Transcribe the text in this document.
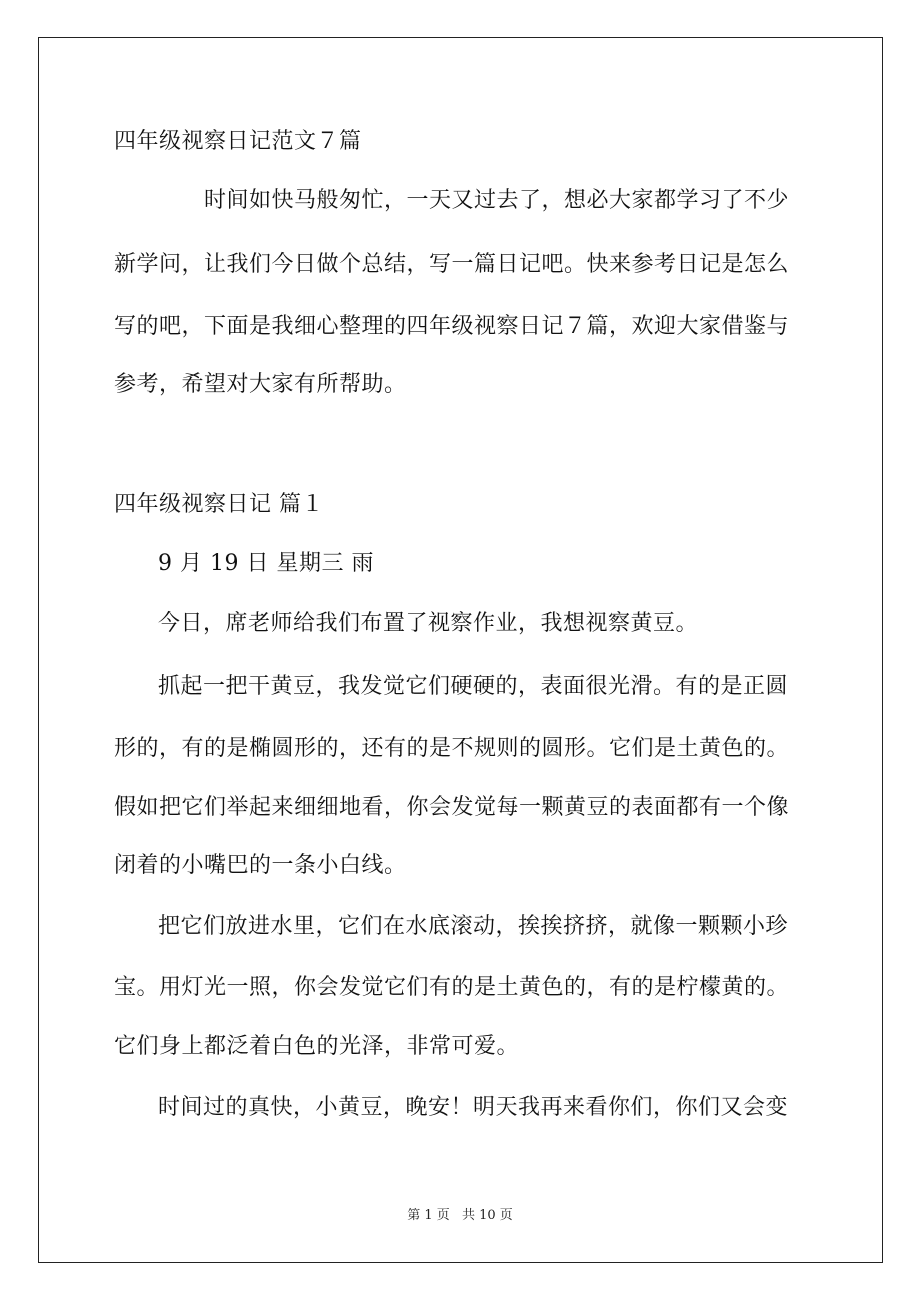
四年级视察日记范文７篇
时间如快马般匆忙，一天又过去了，想必大家都学习了不少
新学问，让我们今日做个总结，写一篇日记吧。快来参考日记是怎么
写的吧，下面是我细心整理的四年级视察日记７篇，欢迎大家借鉴与
参考，希望对大家有所帮助。
四年级视察日记 篇１
9 月 19 日 星期三 雨
今日，席老师给我们布置了视察作业，我想视察黄豆。
抓起一把干黄豆，我发觉它们硬硬的，表面很光滑。有的是正圆
形的，有的是椭圆形的，还有的是不规则的圆形。它们是土黄色的。
假如把它们举起来细细地看，你会发觉每一颗黄豆的表面都有一个像
闭着的小嘴巴的一条小白线。
把它们放进水里，它们在水底滚动，挨挨挤挤，就像一颗颗小珍
宝。用灯光一照，你会发觉它们有的是土黄色的，有的是柠檬黄的。
它们身上都泛着白色的光泽，非常可爱。
时间过的真快，小黄豆，晚安！明天我再来看你们，你们又会变
第 1 页 共 10 页
